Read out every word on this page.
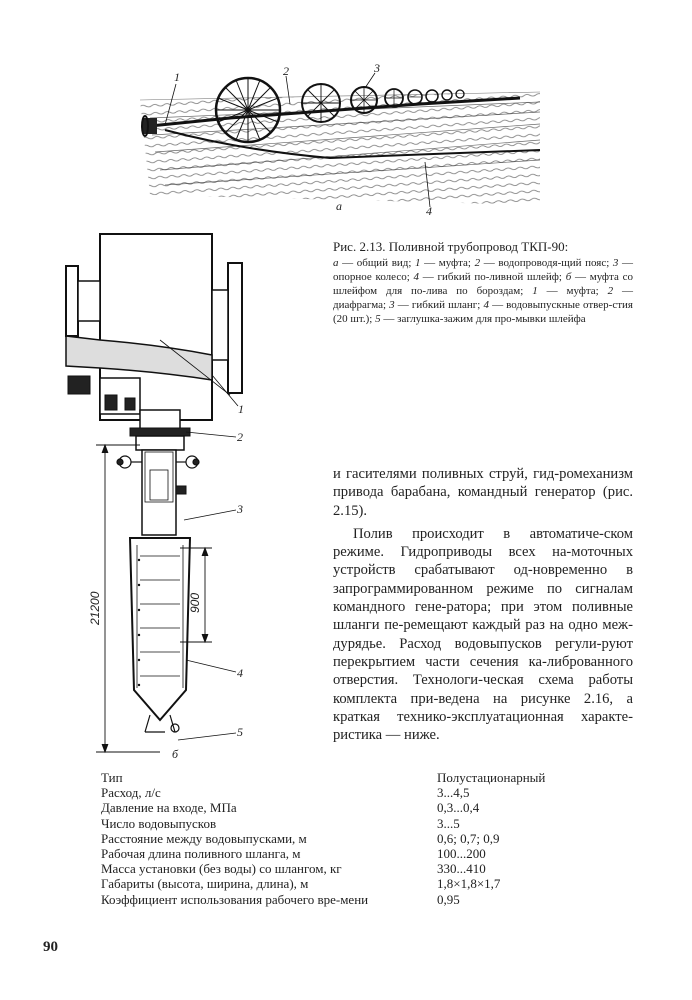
1	2	3
4
а
1
2
3
4
5
б
21200	900
Рис. 2.13. Поливной трубопровод ТКП-90:
а — общий вид; 1 — муфта; 2 — водопроводя-щий пояс; 3 — опорное колесо; 4 — гибкий по-ливной шлейф; б — муфта со шлейфом для по-лива по бороздам; 1 — муфта; 2 — диафрагма; 3 — гибкий шланг; 4 — водовыпускные отвер-стия (20 шт.); 5 — заглушка-зажим для про-мывки шлейфа

и гасителями поливных струй, гид-ромеханизм привода барабана, командный генератор (рис. 2.15).

Полив происходит в автоматиче-ском режиме. Гидроприводы всех на-моточных устройств срабатывают од-новременно в запрограммированном режиме по сигналам командного гене-ратора; при этом поливные шланги пе-ремещают каждый раз на одно меж-дурядье. Расход водовыпусков регули-руют перекрытием части сечения ка-либрованного отверстия. Технологи-ческая схема работы комплекта при-ведена на рисунке 2.16, а краткая технико-эксплуатационная характе-ристика — ниже.

Тип	Полустационарный
Расход, л/с	3...4,5
Давление на входе, МПа	0,3...0,4
Число водовыпусков	3...5
Расстояние между водовыпусками, м	0,6; 0,7; 0,9
Рабочая длина поливного шланга, м	100...200
Масса установки (без воды) со шлангом, кг	330...410
Габариты (высота, ширина, длина), м	1,8×1,8×1,7
Коэффициент использования рабочего вре-мени	0,95
90
